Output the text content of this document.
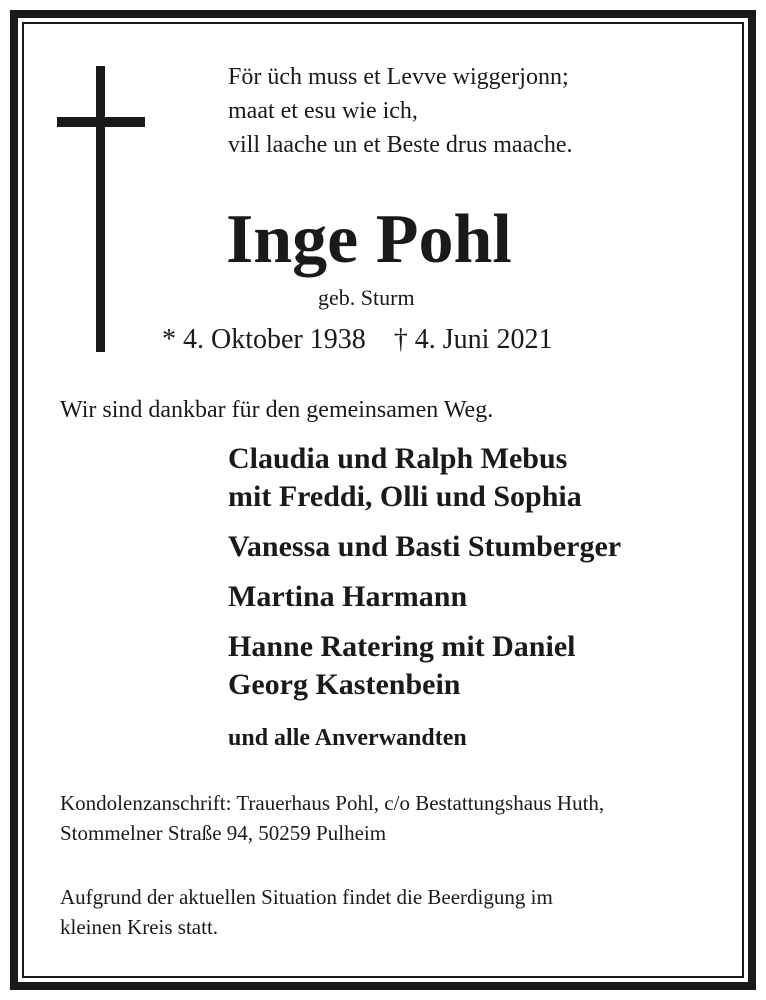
För üch muss et Levve wiggerjonn;
maat et esu wie ich,
vill laache un et Beste drus maache.
Inge Pohl
geb. Sturm
* 4. Oktober 1938 † 4. Juni 2021
Wir sind dankbar für den gemeinsamen Weg.
Claudia und Ralph Mebus
mit Freddi, Olli und Sophia
Vanessa und Basti Stumberger
Martina Harmann
Hanne Ratering mit Daniel
Georg Kastenbein
und alle Anverwandten
Kondolenzanschrift: Trauerhaus Pohl, c/o Bestattungshaus Huth,
Stommelner Straße 94, 50259 Pulheim
Aufgrund der aktuellen Situation findet die Beerdigung im
kleinen Kreis statt.
